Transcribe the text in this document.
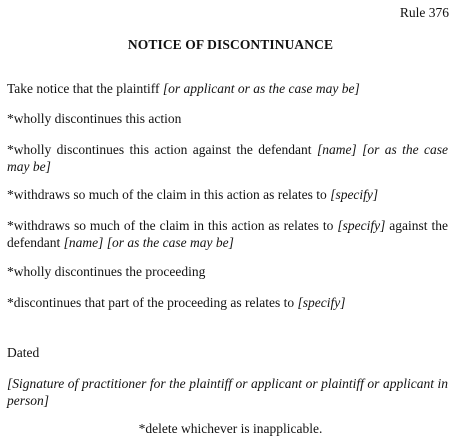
Rule 376
NOTICE OF DISCONTINUANCE

Take notice that the plaintiff [or applicant or as the case may be]

*wholly discontinues this action

*wholly discontinues this action against the defendant [name] [or as the case may be]

*withdraws so much of the claim in this action as relates to [specify]

*withdraws so much of the claim in this action as relates to [specify] against the defendant [name] [or as the case may be]

*wholly discontinues the proceeding

*discontinues that part of the proceeding as relates to [specify]

Dated

[Signature of practitioner for the plaintiff or applicant or plaintiff or applicant in person]

*delete whichever is inapplicable.
